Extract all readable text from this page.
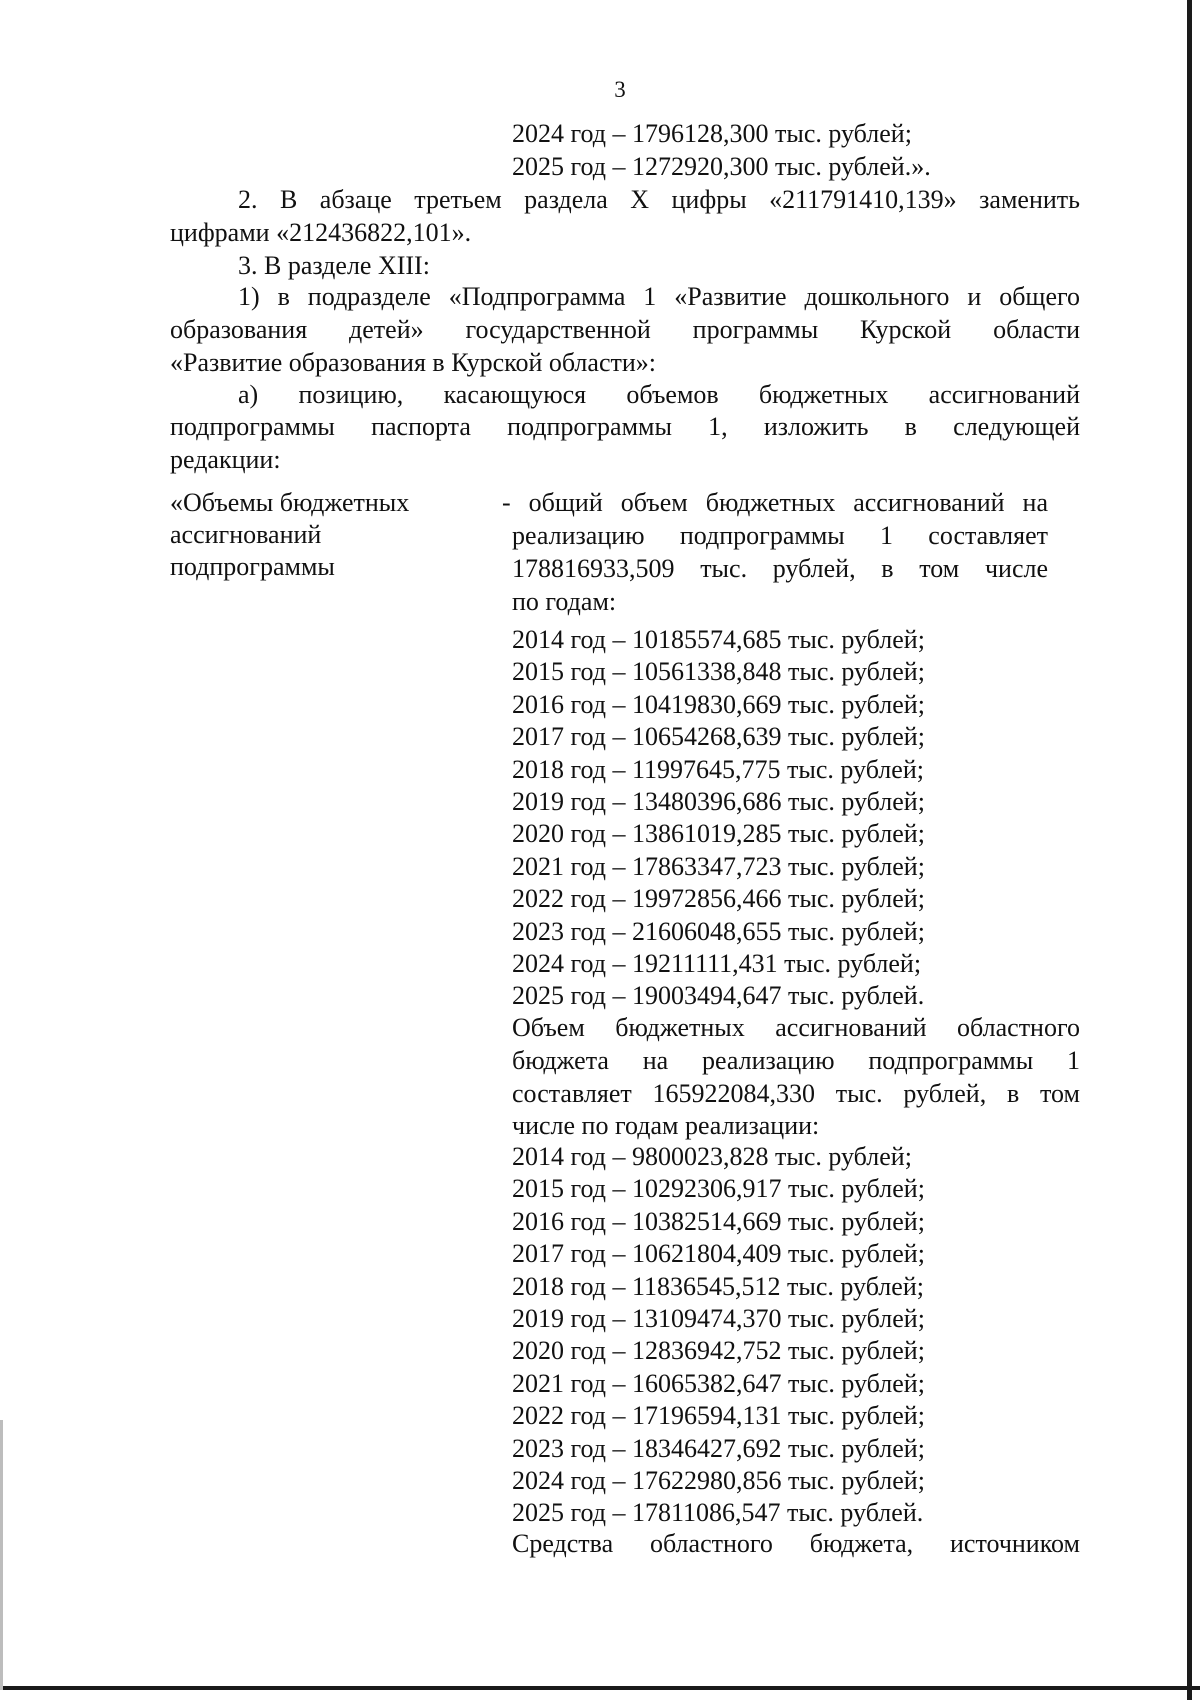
3
2024 год – 1796128,300 тыс. рублей;
2025 год – 1272920,300 тыс. рублей.».
2. В абзаце третьем раздела X цифры «211791410,139» заменить
цифрами «212436822,101».
3. В разделе XIII:
1) в подразделе «Подпрограмма 1 «Развитие дошкольного и общего
образования детей» государственной программы Курской области
«Развитие образования в Курской области»:
а) позицию, касающуюся объемов бюджетных ассигнований
подпрограммы паспорта подпрограммы 1, изложить в следующей
редакции:
«Объемы бюджетных
ассигнований
подпрограммы
- общий объем бюджетных ассигнований на
реализацию подпрограммы 1 составляет
178816933,509 тыс. рублей, в том числе
по годам:
2014 год – 10185574,685 тыс. рублей;
2015 год – 10561338,848 тыс. рублей;
2016 год – 10419830,669 тыс. рублей;
2017 год – 10654268,639 тыс. рублей;
2018 год – 11997645,775 тыс. рублей;
2019 год – 13480396,686 тыс. рублей;
2020 год – 13861019,285 тыс. рублей;
2021 год – 17863347,723 тыс. рублей;
2022 год – 19972856,466 тыс. рублей;
2023 год – 21606048,655 тыс. рублей;
2024 год – 19211111,431 тыс. рублей;
2025 год – 19003494,647 тыс. рублей.
Объем бюджетных ассигнований областного
бюджета на реализацию подпрограммы 1
составляет 165922084,330 тыс. рублей, в том
числе по годам реализации:
2014 год – 9800023,828 тыс. рублей;
2015 год – 10292306,917 тыс. рублей;
2016 год – 10382514,669 тыс. рублей;
2017 год – 10621804,409 тыс. рублей;
2018 год – 11836545,512 тыс. рублей;
2019 год – 13109474,370 тыс. рублей;
2020 год – 12836942,752 тыс. рублей;
2021 год – 16065382,647 тыс. рублей;
2022 год – 17196594,131 тыс. рублей;
2023 год – 18346427,692 тыс. рублей;
2024 год – 17622980,856 тыс. рублей;
2025 год – 17811086,547 тыс. рублей.
Средства областного бюджета, источником
